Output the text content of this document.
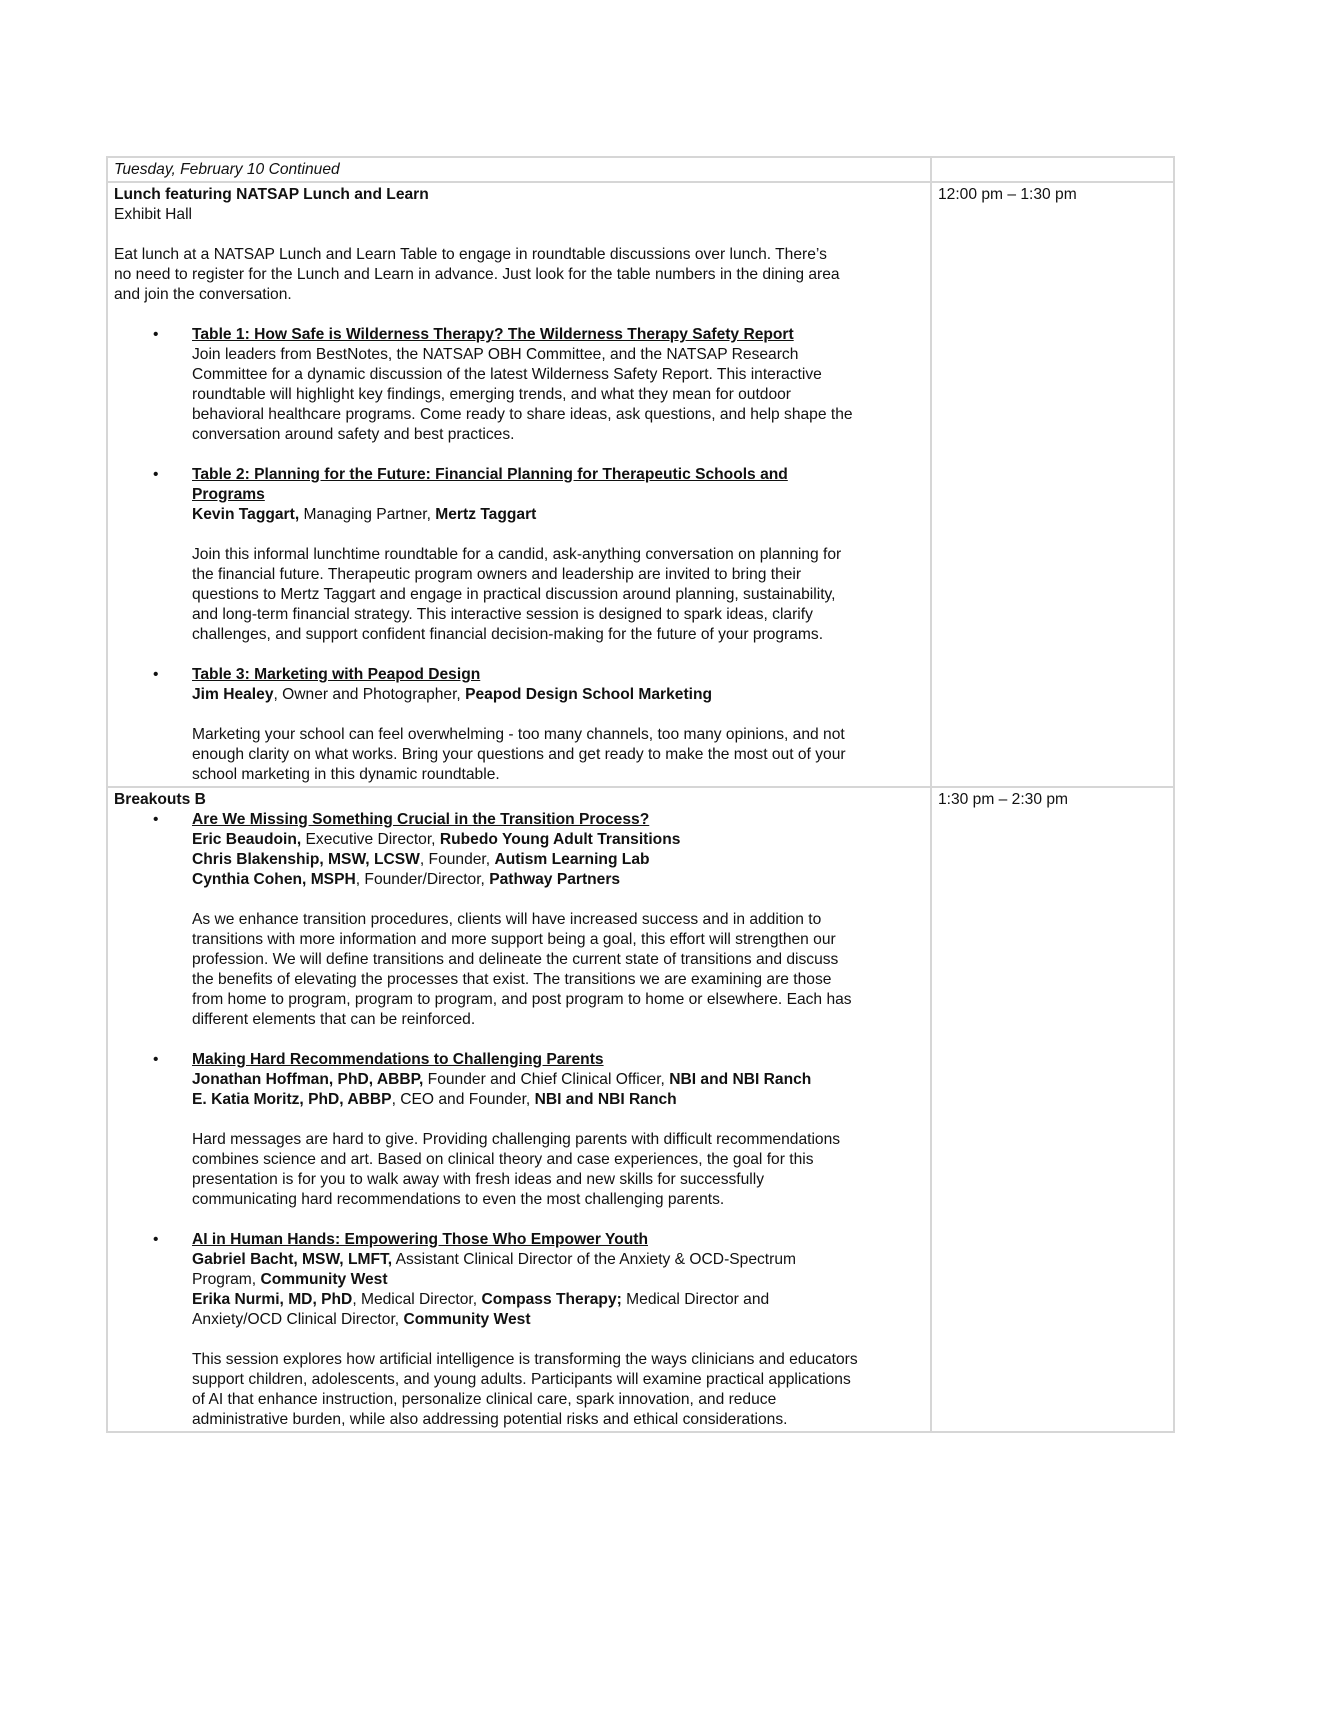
Tuesday, February 10 Continued
Lunch featuring NATSAP Lunch and Learn
Exhibit Hall
Eat lunch at a NATSAP Lunch and Learn Table to engage in roundtable discussions over lunch. There’s
no need to register for the Lunch and Learn in advance. Just look for the table numbers in the dining area
and join the conversation.
• Table 1: How Safe is Wilderness Therapy? The Wilderness Therapy Safety Report
Join leaders from BestNotes, the NATSAP OBH Committee, and the NATSAP Research
Committee for a dynamic discussion of the latest Wilderness Safety Report. This interactive
roundtable will highlight key findings, emerging trends, and what they mean for outdoor
behavioral healthcare programs. Come ready to share ideas, ask questions, and help shape the
conversation around safety and best practices.
• Table 2: Planning for the Future: Financial Planning for Therapeutic Schools and
Programs
Kevin Taggart, Managing Partner, Mertz Taggart
Join this informal lunchtime roundtable for a candid, ask-anything conversation on planning for
the financial future. Therapeutic program owners and leadership are invited to bring their
questions to Mertz Taggart and engage in practical discussion around planning, sustainability,
and long-term financial strategy. This interactive session is designed to spark ideas, clarify
challenges, and support confident financial decision-making for the future of your programs.
• Table 3: Marketing with Peapod Design
Jim Healey, Owner and Photographer, Peapod Design School Marketing
Marketing your school can feel overwhelming - too many channels, too many opinions, and not
enough clarity on what works. Bring your questions and get ready to make the most out of your
school marketing in this dynamic roundtable.
12:00 pm – 1:30 pm
Breakouts B
• Are We Missing Something Crucial in the Transition Process?
Eric Beaudoin, Executive Director, Rubedo Young Adult Transitions
Chris Blakenship, MSW, LCSW, Founder, Autism Learning Lab
Cynthia Cohen, MSPH, Founder/Director, Pathway Partners
As we enhance transition procedures, clients will have increased success and in addition to
transitions with more information and more support being a goal, this effort will strengthen our
profession. We will define transitions and delineate the current state of transitions and discuss
the benefits of elevating the processes that exist. The transitions we are examining are those
from home to program, program to program, and post program to home or elsewhere. Each has
different elements that can be reinforced.
• Making Hard Recommendations to Challenging Parents
Jonathan Hoffman, PhD, ABBP, Founder and Chief Clinical Officer, NBI and NBI Ranch
E. Katia Moritz, PhD, ABBP, CEO and Founder, NBI and NBI Ranch
Hard messages are hard to give. Providing challenging parents with difficult recommendations
combines science and art. Based on clinical theory and case experiences, the goal for this
presentation is for you to walk away with fresh ideas and new skills for successfully
communicating hard recommendations to even the most challenging parents.
• AI in Human Hands: Empowering Those Who Empower Youth
Gabriel Bacht, MSW, LMFT, Assistant Clinical Director of the Anxiety & OCD-Spectrum
Program, Community West
Erika Nurmi, MD, PhD, Medical Director, Compass Therapy; Medical Director and
Anxiety/OCD Clinical Director, Community West
This session explores how artificial intelligence is transforming the ways clinicians and educators
support children, adolescents, and young adults. Participants will examine practical applications
of AI that enhance instruction, personalize clinical care, spark innovation, and reduce
administrative burden, while also addressing potential risks and ethical considerations.
1:30 pm – 2:30 pm
